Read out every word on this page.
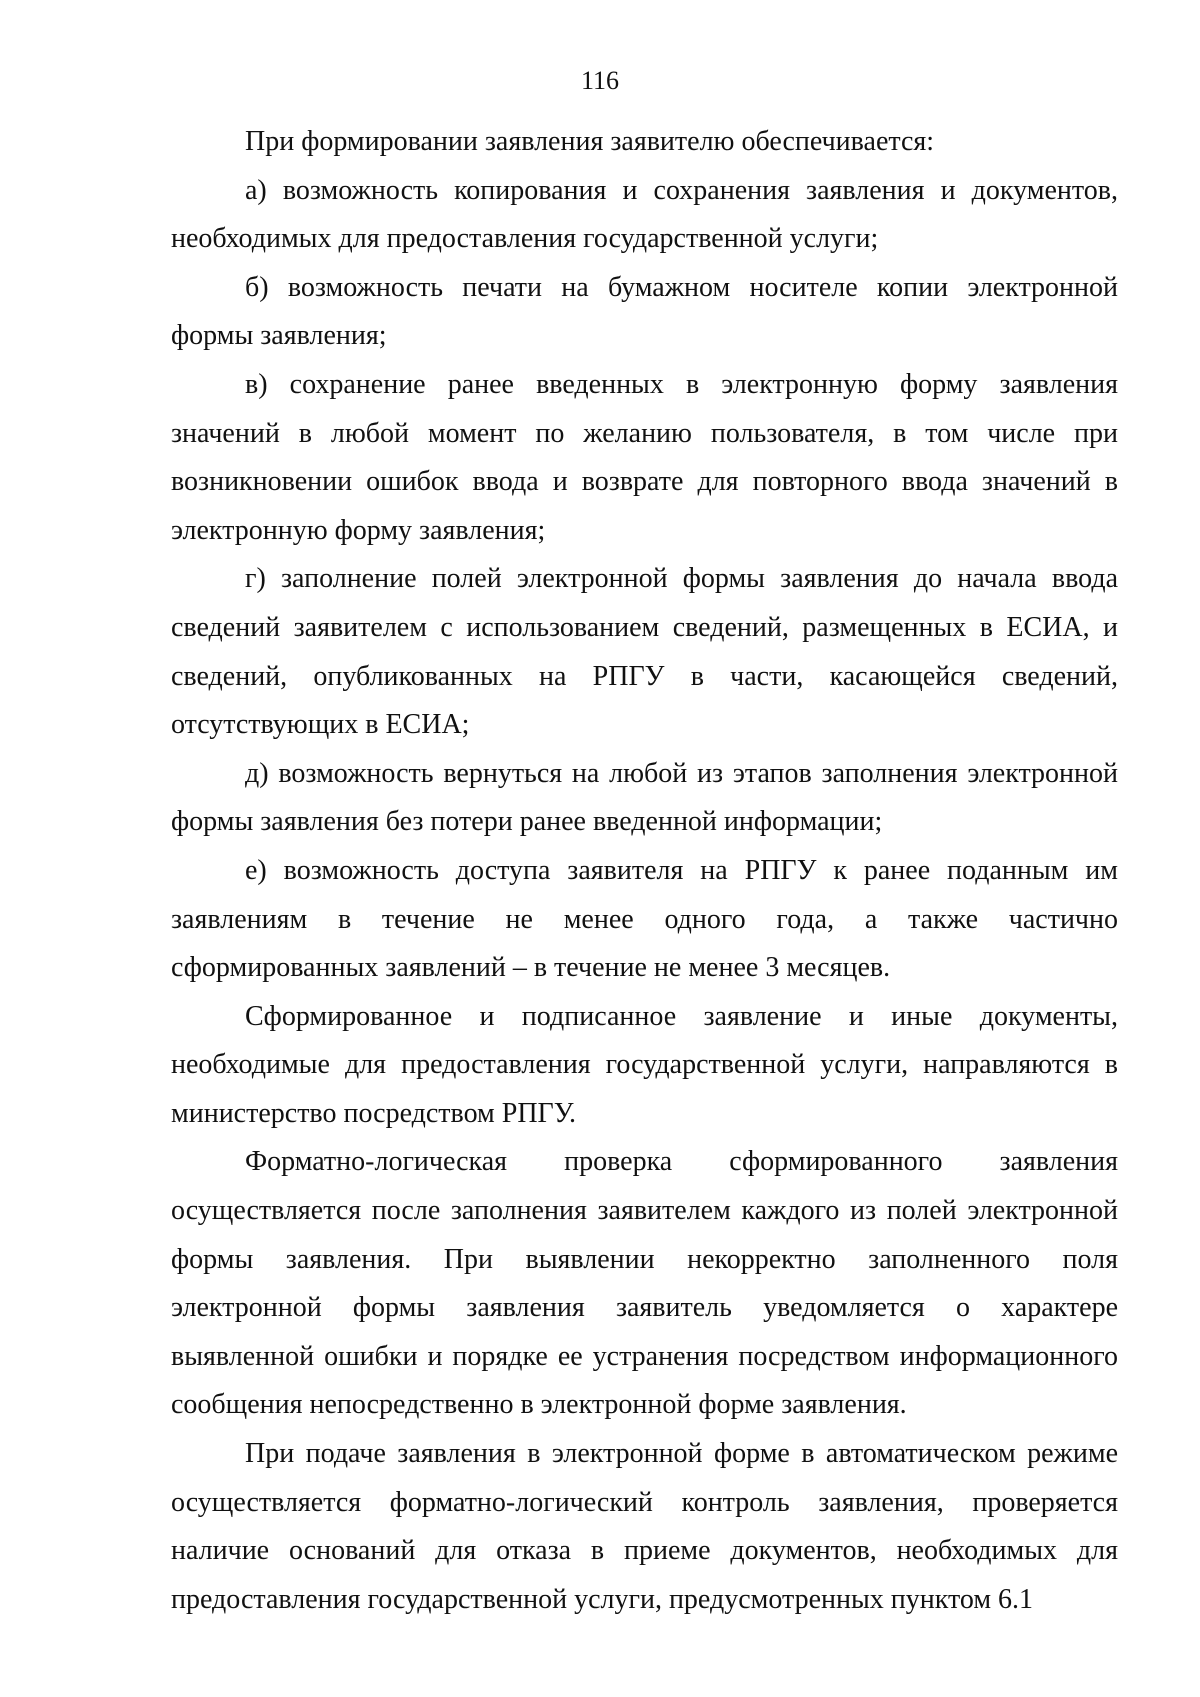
116

При формировании заявления заявителю обеспечивается:

а) возможность копирования и сохранения заявления и документов, необходимых для предоставления государственной услуги;

б) возможность печати на бумажном носителе копии электронной формы заявления;

в) сохранение ранее введенных в электронную форму заявления значений в любой момент по желанию пользователя, в том числе при возникновении ошибок ввода и возврате для повторного ввода значений в электронную форму заявления;

г) заполнение полей электронной формы заявления до начала ввода сведений заявителем с использованием сведений, размещенных в ЕСИА, и сведений, опубликованных на РПГУ в части, касающейся сведений, отсутствующих в ЕСИА;

д) возможность вернуться на любой из этапов заполнения электронной формы заявления без потери ранее введенной информации;

е) возможность доступа заявителя на РПГУ к ранее поданным им заявлениям в течение не менее одного года, а также частично сформированных заявлений – в течение не менее 3 месяцев.

Сформированное и подписанное заявление и иные документы, необходимые для предоставления государственной услуги, направляются в министерство посредством РПГУ.

Форматно-логическая проверка сформированного заявления осуществляется после заполнения заявителем каждого из полей электронной формы заявления. При выявлении некорректно заполненного поля электронной формы заявления заявитель уведомляется о характере выявленной ошибки и порядке ее устранения посредством информационного сообщения непосредственно в электронной форме заявления.

При подаче заявления в электронной форме в автоматическом режиме осуществляется форматно-логический контроль заявления, проверяется наличие оснований для отказа в приеме документов, необходимых для предоставления государственной услуги, предусмотренных пунктом 6.1
